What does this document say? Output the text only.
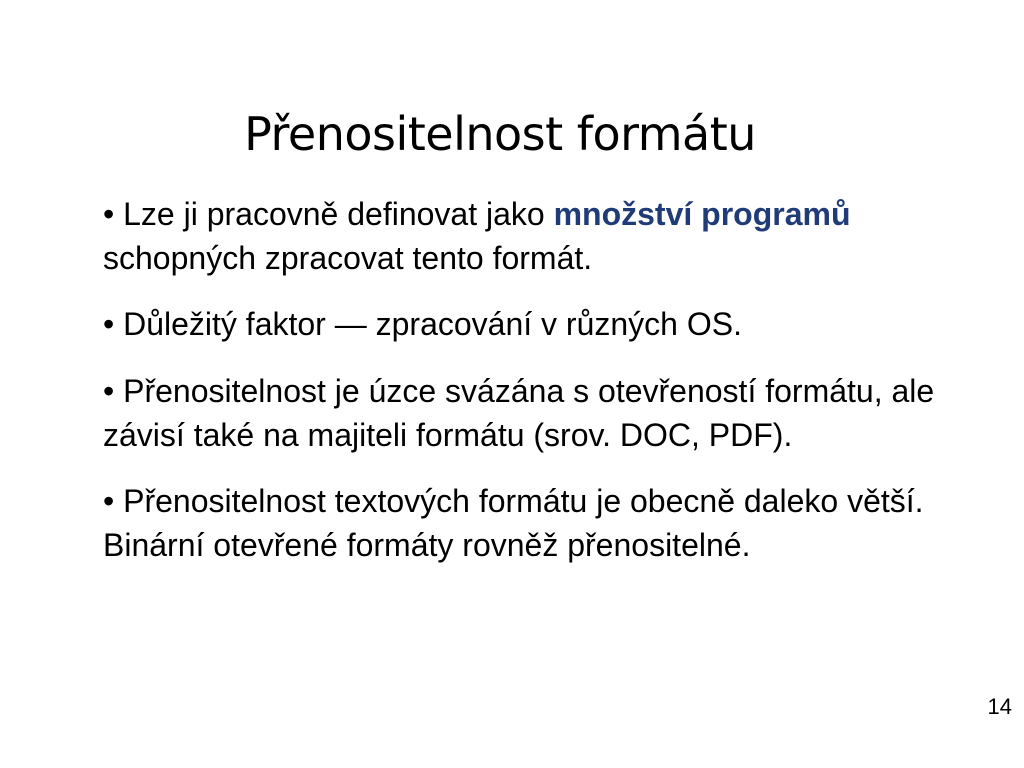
Přenositelnost formátu
• Lze ji pracovně definovat jako množství programů schopných zpracovat tento formát.
• Důležitý faktor — zpracování v různých OS.
• Přenositelnost je úzce svázána s otevřeností formátu, ale závisí také na majiteli formátu (srov. DOC, PDF).
• Přenositelnost textových formátu je obecně daleko větší. Binární otevřené formáty rovněž přenositelné.
14
